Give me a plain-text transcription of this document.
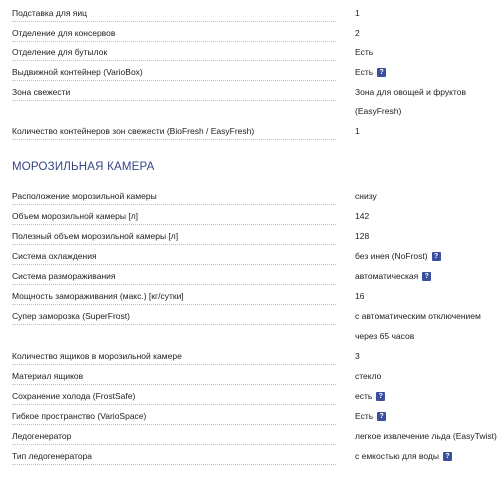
Подставка для яиц	1
Отделение для консервов	2
Отделение для бутылок	Есть
Выдвижной контейнер (VarioBox)	Есть ?
Зона свежести	Зона для овощей и фруктов
(EasyFresh)
Количество контейнеров зон свежести (BioFresh / EasyFresh)	1
МОРОЗИЛЬНАЯ КАМЕРА
Расположение морозильной камеры	снизу
Объем морозильной камеры [л]	142
Полезный объем морозильной камеры [л]	128
Система охлаждения	без инея (NoFrost) ?
Система размораживания	автоматическая ?
Мощность замораживания (макс.) [кг/сутки]	16
Супер заморозка (SuperFrost)	с автоматическим отключением
через 65 часов
Количество ящиков в морозильной камере	3
Материал ящиков	стекло
Сохранение холода (FrostSafe)	есть ?
Гибкое пространство (VarioSpace)	Есть ?
Ледогенератор	легкое извлечение льда (EasyTwist)
Тип ледогенератора	с емкостью для воды ?
